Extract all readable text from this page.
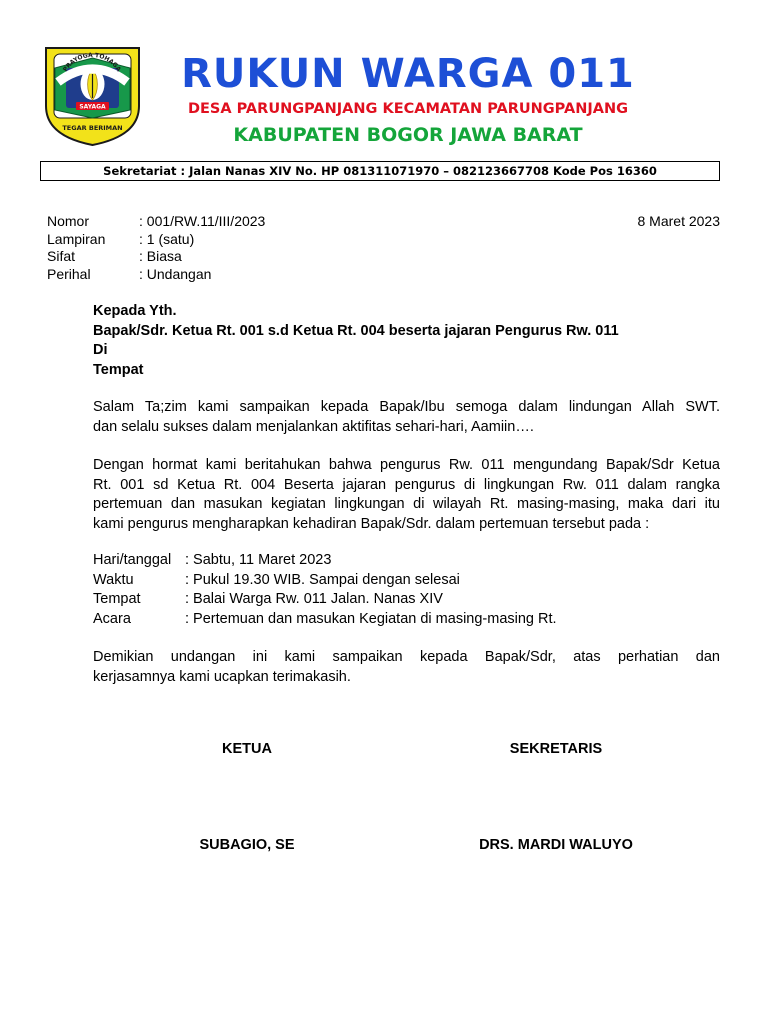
PRAYOGA TOHAGA
SAYAGA
TEGAR BERIMAN
RUKUN WARGA 011
DESA PARUNGPANJANG KECAMATAN PARUNGPANJANG
KABUPATEN BOGOR JAWA BARAT
Sekretariat : Jalan Nanas XIV No. HP 081311071970 – 082123667708 Kode Pos 16360
Nomor	: 001/RW.11/III/2023
Lampiran	: 1 (satu)
Sifat	: Biasa
Perihal	: Undangan
8 Maret 2023
Kepada Yth.
Bapak/Sdr. Ketua Rt. 001 s.d Ketua Rt. 004 beserta jajaran Pengurus Rw. 011
Di
Tempat
Salam Ta;zim kami sampaikan kepada Bapak/Ibu semoga dalam lindungan Allah SWT.
dan selalu sukses dalam menjalankan aktifitas sehari-hari, Aamiin….
Dengan hormat kami beritahukan bahwa pengurus Rw. 011 mengundang Bapak/Sdr Ketua
Rt. 001 sd Ketua Rt. 004 Beserta jajaran pengurus di lingkungan Rw. 011 dalam rangka
pertemuan dan masukan kegiatan lingkungan di wilayah Rt. masing-masing, maka dari itu
kami pengurus mengharapkan kehadiran Bapak/Sdr. dalam pertemuan tersebut pada :
Hari/tanggal : Sabtu, 11 Maret 2023
Waktu	: Pukul 19.30 WIB. Sampai dengan selesai
Tempat	: Balai Warga Rw. 011 Jalan. Nanas XIV
Acara	: Pertemuan dan masukan Kegiatan di masing-masing Rt.
Demikian undangan ini kami sampaikan kepada Bapak/Sdr, atas perhatian dan
kerjasamnya kami ucapkan terimakasih.
KETUA	SEKRETARIS
SUBAGIO, SE	DRS. MARDI WALUYO
